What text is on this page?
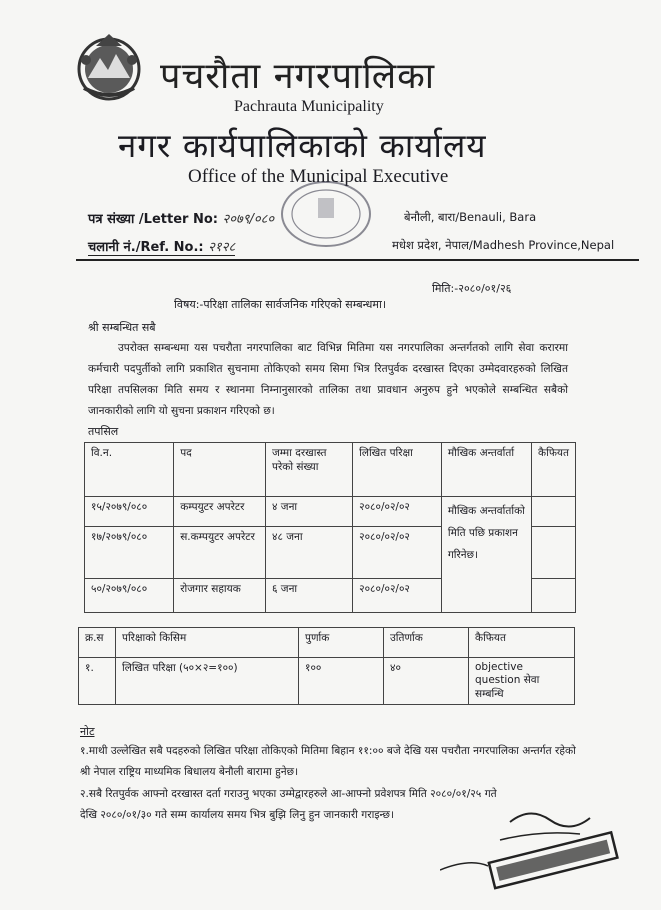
पचरौता नगरपालिका
Pachrauta Municipality
नगर कार्यपालिकाको कार्यालय
Office of the Municipal Executive
पत्र संख्या /Letter No: २०७९/०८०
चलानी नं./Ref. No.: २१२८
बेनौली, बारा/Benauli, Bara
मधेश प्रदेश, नेपाल/Madhesh Province,Nepal
मिति:-२०८०/०१/२६
विषय:-परिक्षा तालिका सार्वजनिक गरिएको सम्बन्धमा।
श्री सम्बन्धित सबै
उपरोक्त सम्बन्धमा यस पचरौता नगरपालिका बाट विभिन्न मितिमा यस नगरपालिका अन्तर्गतको लागि सेवा करारमा कर्मचारी पदपुर्तीको लागि प्रकाशित सुचनामा तोकिएको समय सिमा भित्र रितपुर्वक दरखास्त दिएका उम्मेदवारहरुको लिखित परिक्षा तपसिलका मिति समय र स्थानमा निम्नानुसारको तालिका तथा प्रावधान अनुरुप हुने भएकोले सम्बन्धित सबैको जानकारीको लागि यो सुचना प्रकाशन गरिएको छ।
तपसिल
वि.न.	पद	जम्मा दरखास्त परेको संख्या	लिखित परिक्षा	मौखिक अन्तर्वार्ता	कैफियत
१५/२०७९/०८०	कम्पयुटर अपरेटर	४ जना	२०८०/०२/०२	मौखिक अन्तर्वार्ताको मिति पछि प्रकाशन गरिनेछ।	
१७/२०७९/०८०	स.कम्पयुटर अपरेटर	४८ जना	२०८०/०२/०२		
५०/२०७९/०८०	रोजगार सहायक	६ जना	२०८०/०२/०२		
क्र.स	परिक्षाको किसिम	पुर्णाक	उतिर्णाक	कैफियत
१.	लिखित परिक्षा (५०×२=१००)	१००	४०	objective question सेवा सम्बन्धि
नोट
१.माथी उल्लेखित सबै पदहरुको लिखित परिक्षा तोकिएको मितिमा बिहान ११:०० बजे देखि यस पचरौता नगरपालिका अन्तर्गत रहेको श्री नेपाल राष्ट्रिय माध्यमिक बिधालय बेनौली बारामा हुनेछ।
२.सबै रितपुर्वक आफ्नो दरखास्त दर्ता गराउनु भएका उम्मेद्वारहरुले आ-आफ्नो प्रवेशपत्र मिति २०८०/०१/२५ गते देखि २०८०/०१/३० गते सम्म कार्यालय समय भित्र बुझि लिनु हुन जानकारी गराइन्छ।
